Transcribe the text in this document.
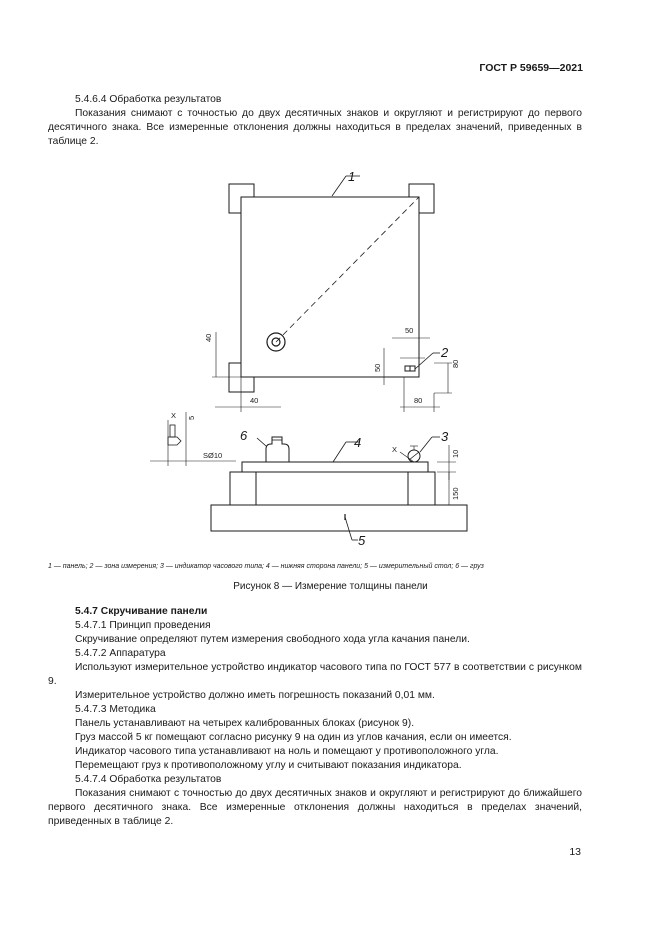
ГОСТ Р 59659—2021

5.4.6.4 Обработка результатов

Показания снимают с точностью до двух десятичных знаков и округляют и регистрируют до первого десятичного знака. Все измеренные отклонения должны находиться в пределах значений, приведенных в таблице 2.

40
40
50
50	80
80
1
2
6	4	3
5
X	10
150
X 5
SØ10
1 — панель; 2 — зона измерения; 3 — индикатор часового типа; 4 — нижняя сторона панели; 5 — измерительный стол; 6 — груз
Рисунок 8 — Измерение толщины панели

5.4.7 Скручивание панели

5.4.7.1 Принцип проведения

Скручивание определяют путем измерения свободного хода угла качания панели.

5.4.7.2 Аппаратура

Используют измерительное устройство индикатор часового типа по ГОСТ 577 в соответствии с рисунком 9.

Измерительное устройство должно иметь погрешность показаний 0,01 мм.

5.4.7.3 Методика

Панель устанавливают на четырех калиброванных блоках (рисунок 9).

Груз массой 5 кг помещают согласно рисунку 9 на один из углов качания, если он имеется.

Индикатор часового типа устанавливают на ноль и помещают у противоположного угла.

Перемещают груз к противоположному углу и считывают показания индикатора.

5.4.7.4 Обработка результатов

Показания снимают с точностью до двух десятичных знаков и округляют и регистрируют до ближайшего первого десятичного знака. Все измеренные отклонения должны находиться в пределах значений, приведенных в таблице 2.

13
